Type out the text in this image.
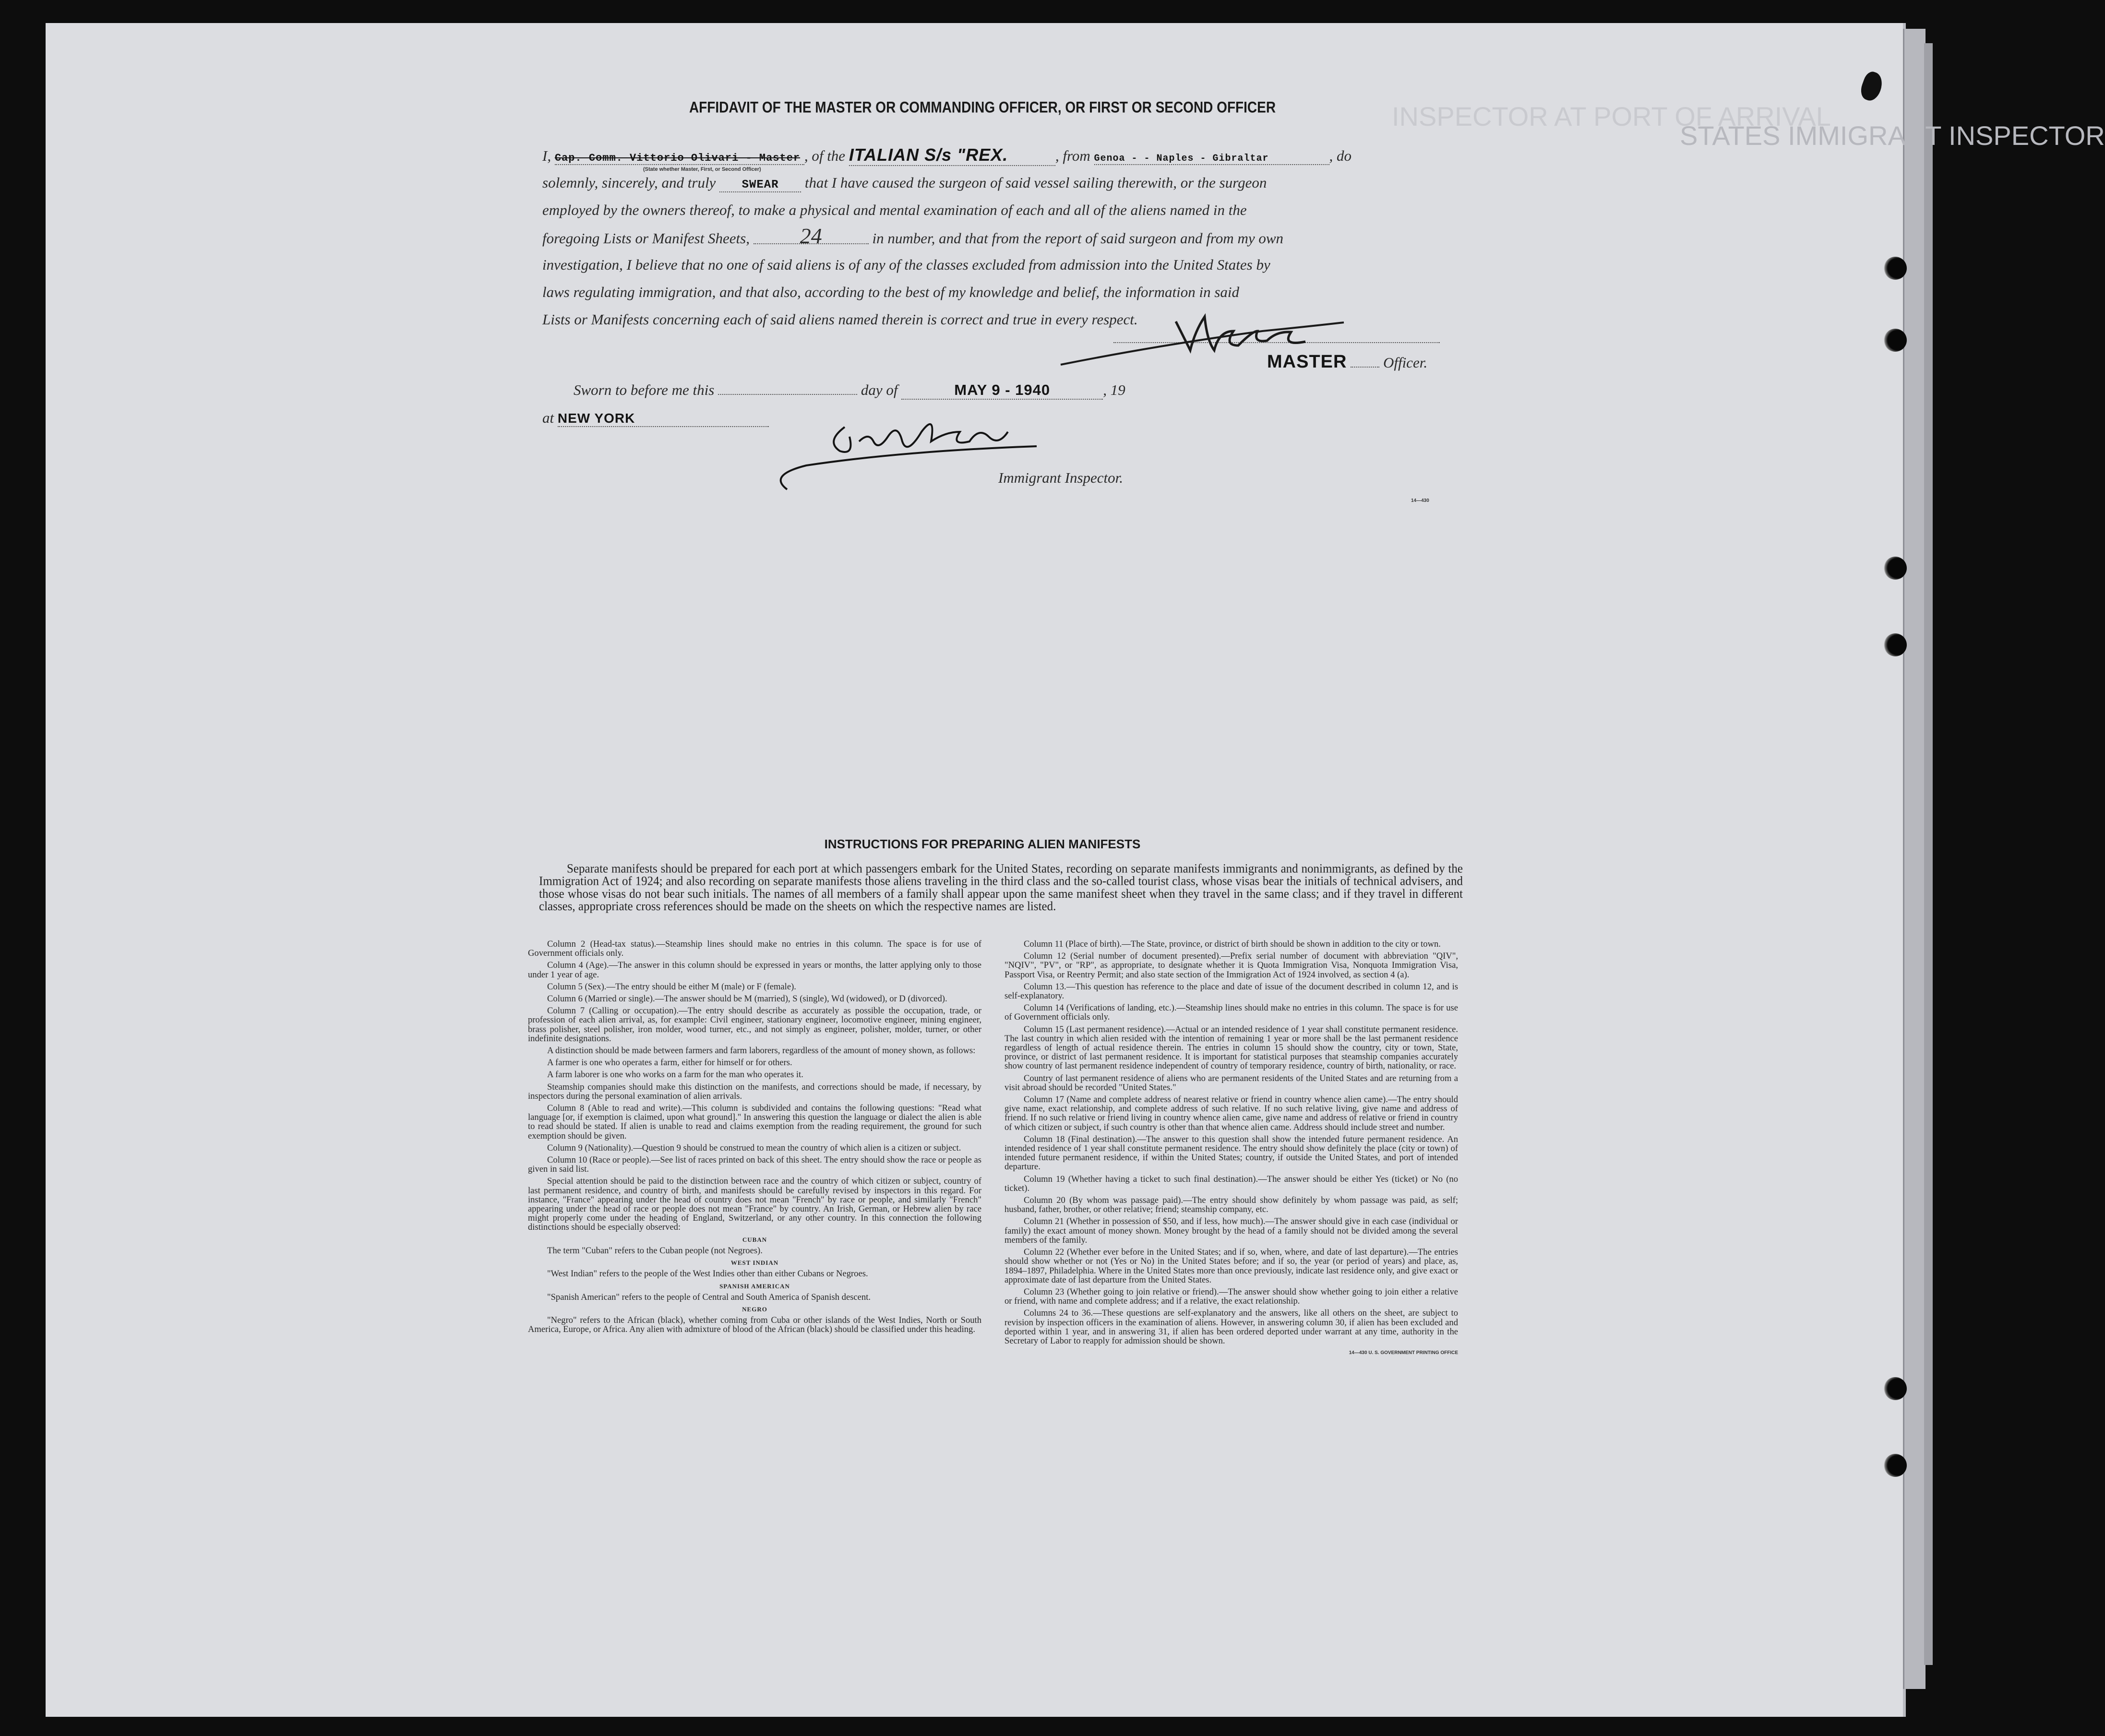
STATES IMMIGRANT INSPECTOR
INSPECTOR AT PORT OF ARRIVAL
AFFIDAVIT OF THE MASTER OR COMMANDING OFFICER, OR FIRST OR SECOND OFFICER
I, Cap. Comm. Vittorio Olivari - Master , of the ITALIAN S/s "REX.	, from Genoa - - Naples - Gibraltar	, do
(State whether Master, First, or Second Officer)
solemnly, sincerely, and truly SWEAR that I have caused the surgeon of said vessel sailing therewith, or the surgeon
employed by the owners thereof, to make a physical and mental examination of each and all of the aliens named in the
foregoing Lists or Manifest Sheets, 24	in number, and that from the report of said surgeon and from my own
investigation, I believe that no one of said aliens is of any of the classes excluded from admission into the United States by
laws regulating immigration, and that also, according to the best of my knowledge and belief, the information in said
Lists or Manifests concerning each of said aliens named therein is correct and true in every respect.
MASTER Officer.
Sworn to before me this	day of	MAY 9 - 1940	, 19
at NEW YORK
Immigrant Inspector.
14—430
INSTRUCTIONS FOR PREPARING ALIEN MANIFESTS
Separate manifests should be prepared for each port at which passengers embark for the United States, recording on separate manifests immigrants and nonimmigrants, as defined by the Immigration Act of 1924; and also recording on separate manifests those aliens traveling in the third class and the so-called tourist class, whose visas bear the initials of technical advisers, and those whose visas do not bear such initials. The names of all members of a family shall appear upon the same manifest sheet when they travel in the same class; and if they travel in different classes, appropriate cross references should be made on the sheets on which the respective names are listed.

Column 2 (Head-tax status).—Steamship lines should make no entries in this column. The space is for use of Government officials only.

Column 4 (Age).—The answer in this column should be expressed in years or months, the latter applying only to those under 1 year of age.

Column 5 (Sex).—The entry should be either M (male) or F (female).

Column 6 (Married or single).—The answer should be M (married), S (single), Wd (widowed), or D (divorced).

Column 7 (Calling or occupation).—The entry should describe as accurately as possible the occupation, trade, or profession of each alien arrival, as, for example: Civil engineer, stationary engineer, locomotive engineer, mining engineer, brass polisher, steel polisher, iron molder, wood turner, etc., and not simply as engineer, polisher, molder, turner, or other indefinite designations.

A distinction should be made between farmers and farm laborers, regardless of the amount of money shown, as follows:

A farmer is one who operates a farm, either for himself or for others.

A farm laborer is one who works on a farm for the man who operates it.

Steamship companies should make this distinction on the manifests, and corrections should be made, if necessary, by inspectors during the personal examination of alien arrivals.

Column 8 (Able to read and write).—This column is subdivided and contains the following questions: "Read what language [or, if exemption is claimed, upon what ground]." In answering this question the language or dialect the alien is able to read should be stated. If alien is unable to read and claims exemption from the reading requirement, the ground for such exemption should be given.

Column 9 (Nationality).—Question 9 should be construed to mean the country of which alien is a citizen or subject.

Column 10 (Race or people).—See list of races printed on back of this sheet. The entry should show the race or people as given in said list.

Special attention should be paid to the distinction between race and the country of which citizen or subject, country of last permanent residence, and country of birth, and manifests should be carefully revised by inspectors in this regard. For instance, "France" appearing under the head of country does not mean "French" by race or people, and similarly "French" appearing under the head of race or people does not mean "France" by country. An Irish, German, or Hebrew alien by race might properly come under the heading of England, Switzerland, or any other country. In this connection the following distinctions should be especially observed:

CUBAN

The term "Cuban" refers to the Cuban people (not Negroes).

WEST INDIAN

"West Indian" refers to the people of the West Indies other than either Cubans or Negroes.

SPANISH AMERICAN

"Spanish American" refers to the people of Central and South America of Spanish descent.

NEGRO

"Negro" refers to the African (black), whether coming from Cuba or other islands of the West Indies, North or South America, Europe, or Africa. Any alien with admixture of blood of the African (black) should be classified under this heading.

Column 11 (Place of birth).—The State, province, or district of birth should be shown in addition to the city or town.

Column 12 (Serial number of document presented).—Prefix serial number of document with abbreviation "QIV", "NQIV", "PV", or "RP", as appropriate, to designate whether it is Quota Immigration Visa, Nonquota Immigration Visa, Passport Visa, or Reentry Permit; and also state section of the Immigration Act of 1924 involved, as section 4 (a).

Column 13.—This question has reference to the place and date of issue of the document described in column 12, and is self-explanatory.

Column 14 (Verifications of landing, etc.).—Steamship lines should make no entries in this column. The space is for use of Government officials only.

Column 15 (Last permanent residence).—Actual or an intended residence of 1 year shall constitute permanent residence. The last country in which alien resided with the intention of remaining 1 year or more shall be the last permanent residence regardless of length of actual residence therein. The entries in column 15 should show the country, city or town, State, province, or district of last permanent residence. It is important for statistical purposes that steamship companies accurately show country of last permanent residence independent of country of temporary residence, country of birth, nationality, or race.

Country of last permanent residence of aliens who are permanent residents of the United States and are returning from a visit abroad should be recorded "United States."

Column 17 (Name and complete address of nearest relative or friend in country whence alien came).—The entry should give name, exact relationship, and complete address of such relative. If no such relative living, give name and address of friend. If no such relative or friend living in country whence alien came, give name and address of relative or friend in country of which citizen or subject, if such country is other than that whence alien came. Address should include street and number.

Column 18 (Final destination).—The answer to this question shall show the intended future permanent residence. An intended residence of 1 year shall constitute permanent residence. The entry should show definitely the place (city or town) of intended future permanent residence, if within the United States; country, if outside the United States, and port of intended departure.

Column 19 (Whether having a ticket to such final destination).—The answer should be either Yes (ticket) or No (no ticket).

Column 20 (By whom was passage paid).—The entry should show definitely by whom passage was paid, as self; husband, father, brother, or other relative; friend; steamship company, etc.

Column 21 (Whether in possession of $50, and if less, how much).—The answer should give in each case (individual or family) the exact amount of money shown. Money brought by the head of a family should not be divided among the several members of the family.

Column 22 (Whether ever before in the United States; and if so, when, where, and date of last departure).—The entries should show whether or not (Yes or No) in the United States before; and if so, the year (or period of years) and place, as, 1894–1897, Philadelphia. Where in the United States more than once previously, indicate last residence only, and give exact or approximate date of last departure from the United States.

Column 23 (Whether going to join relative or friend).—The answer should show whether going to join either a relative or friend, with name and complete address; and if a relative, the exact relationship.

Columns 24 to 36.—These questions are self-explanatory and the answers, like all others on the sheet, are subject to revision by inspection officers in the examination of aliens. However, in answering column 30, if alien has been excluded and deported within 1 year, and in answering 31, if alien has been ordered deported under warrant at any time, authority in the Secretary of Labor to reapply for admission should be shown.

14—430 U. S. GOVERNMENT PRINTING OFFICE
